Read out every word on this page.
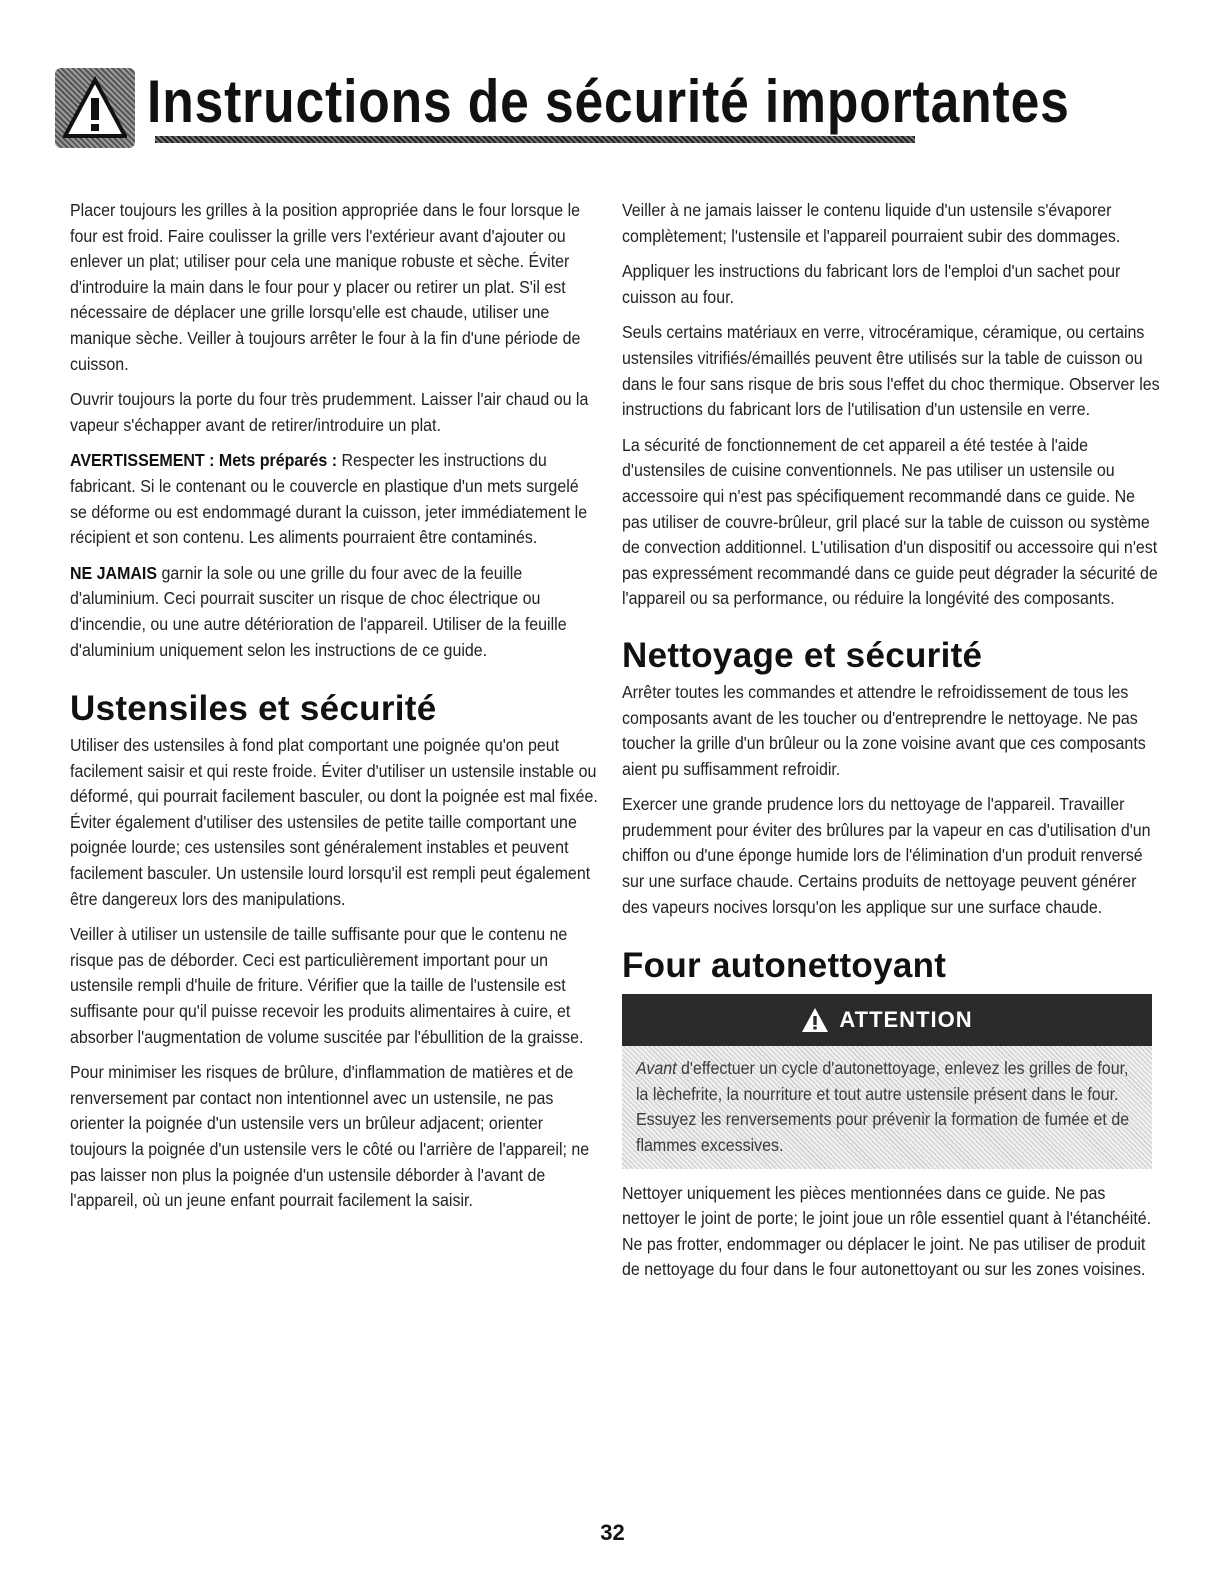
Instructions de sécurité importantes

Placer toujours les grilles à la position appropriée dans le four lorsque le four est froid. Faire coulisser la grille vers l'extérieur avant d'ajouter ou enlever un plat; utiliser pour cela une manique robuste et sèche. Éviter d'introduire la main dans le four pour y placer ou retirer un plat. S'il est nécessaire de déplacer une grille lorsqu'elle est chaude, utiliser une manique sèche. Veiller à toujours arrêter le four à la fin d'une période de cuisson.

Ouvrir toujours la porte du four très prudemment. Laisser l'air chaud ou la vapeur s'échapper avant de retirer/introduire un plat.

AVERTISSEMENT : Mets préparés : Respecter les instructions du fabricant. Si le contenant ou le couvercle en plastique d'un mets surgelé se déforme ou est endommagé durant la cuisson, jeter immédiatement le récipient et son contenu. Les aliments pourraient être contaminés.

NE JAMAIS garnir la sole ou une grille du four avec de la feuille d'aluminium. Ceci pourrait susciter un risque de choc électrique ou d'incendie, ou une autre détérioration de l'appareil. Utiliser de la feuille d'aluminium uniquement selon les instructions de ce guide.

Ustensiles et sécurité

Utiliser des ustensiles à fond plat comportant une poignée qu'on peut facilement saisir et qui reste froide. Éviter d'utiliser un ustensile instable ou déformé, qui pourrait facilement basculer, ou dont la poignée est mal fixée. Éviter également d'utiliser des ustensiles de petite taille comportant une poignée lourde; ces ustensiles sont généralement instables et peuvent facilement basculer. Un ustensile lourd lorsqu'il est rempli peut également être dangereux lors des manipulations.

Veiller à utiliser un ustensile de taille suffisante pour que le contenu ne risque pas de déborder. Ceci est particulièrement important pour un ustensile rempli d'huile de friture. Vérifier que la taille de l'ustensile est suffisante pour qu'il puisse recevoir les produits alimentaires à cuire, et absorber l'augmentation de volume suscitée par l'ébullition de la graisse.

Pour minimiser les risques de brûlure, d'inflammation de matières et de renversement par contact non intentionnel avec un ustensile, ne pas orienter la poignée d'un ustensile vers un brûleur adjacent; orienter toujours la poignée d'un ustensile vers le côté ou l'arrière de l'appareil; ne pas laisser non plus la poignée d'un ustensile déborder à l'avant de l'appareil, où un jeune enfant pourrait facilement la saisir.

Veiller à ne jamais laisser le contenu liquide d'un ustensile s'évaporer complètement; l'ustensile et l'appareil pourraient subir des dommages.

Appliquer les instructions du fabricant lors de l'emploi d'un sachet pour cuisson au four.

Seuls certains matériaux en verre, vitrocéramique, céramique, ou certains ustensiles vitrifiés/émaillés peuvent être utilisés sur la table de cuisson ou dans le four sans risque de bris sous l'effet du choc thermique. Observer les instructions du fabricant lors de l'utilisation d'un ustensile en verre.

La sécurité de fonctionnement de cet appareil a été testée à l'aide d'ustensiles de cuisine conventionnels. Ne pas utiliser un ustensile ou accessoire qui n'est pas spécifiquement recommandé dans ce guide. Ne pas utiliser de couvre-brûleur, gril placé sur la table de cuisson ou système de convection additionnel. L'utilisation d'un dispositif ou accessoire qui n'est pas expressément recommandé dans ce guide peut dégrader la sécurité de l'appareil ou sa performance, ou réduire la longévité des composants.

Nettoyage et sécurité

Arrêter toutes les commandes et attendre le refroidissement de tous les composants avant de les toucher ou d'entreprendre le nettoyage. Ne pas toucher la grille d'un brûleur ou la zone voisine avant que ces composants aient pu suffisamment refroidir.

Exercer une grande prudence lors du nettoyage de l'appareil. Travailler prudemment pour éviter des brûlures par la vapeur en cas d'utilisation d'un chiffon ou d'une éponge humide lors de l'élimination d'un produit renversé sur une surface chaude. Certains produits de nettoyage peuvent générer des vapeurs nocives lorsqu'on les applique sur une surface chaude.

Four autonettoyant
ATTENTION

Avant d'effectuer un cycle d'autonettoyage, enlevez les grilles de four, la lèchefrite, la nourriture et tout autre ustensile présent dans le four. Essuyez les renversements pour prévenir la formation de fumée et de flammes excessives.

Nettoyer uniquement les pièces mentionnées dans ce guide. Ne pas nettoyer le joint de porte; le joint joue un rôle essentiel quant à l'étanchéité. Ne pas frotter, endommager ou déplacer le joint. Ne pas utiliser de produit de nettoyage du four dans le four autonettoyant ou sur les zones voisines.

32
